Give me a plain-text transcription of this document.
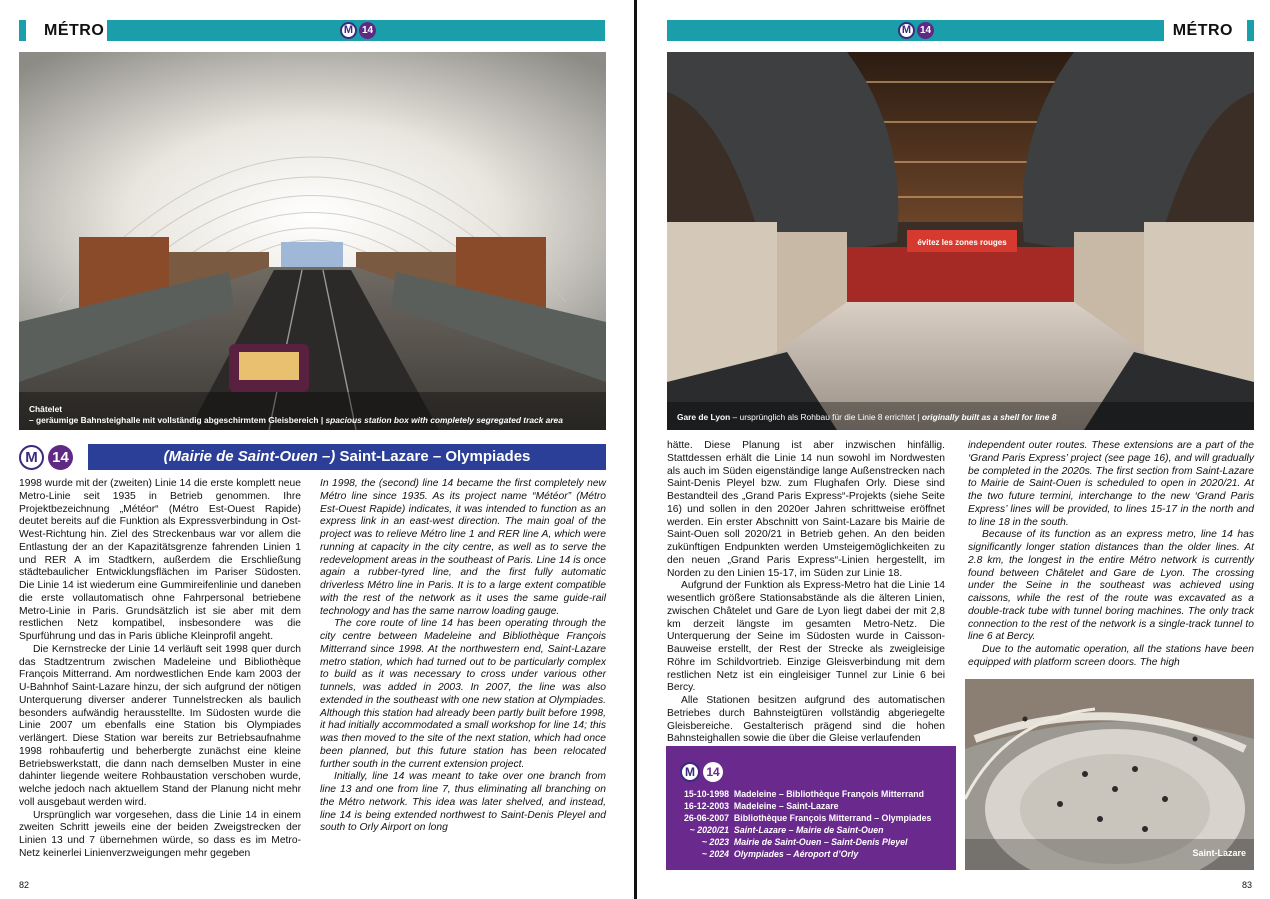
MÉTRO	M 14
Châtelet
– geräumige Bahnsteighalle mit vollständig abgeschirmtem Gleisbereich | spacious station box with completely segregated track area
M 14	(Mairie de Saint-Ouen –) Saint-Lazare – Olympiades

1998 wurde mit der (zweiten) Linie 14 die erste komplett neue Metro-Linie seit 1935 in Betrieb genommen. Ihre Projektbezeichnung „Météor“ (Métro Est-Ouest Rapide) deutet bereits auf die Funktion als Expressverbindung in Ost-West-Richtung hin. Ziel des Streckenbaus war vor allem die Entlastung der an der Kapazitätsgrenze fahrenden Linien 1 und RER A im Stadtkern, außerdem die Erschließung städtebaulicher Entwicklungsflächen im Pariser Südosten. Die Linie 14 ist wiederum eine Gummireifenlinie und daneben die erste vollautomatisch ohne Fahrpersonal betriebene Metro-Linie in Paris. Grundsätzlich ist sie aber mit dem restlichen Netz kompatibel, insbesondere was die Spurführung und das in Paris übliche Kleinprofil angeht.

Die Kernstrecke der Linie 14 verläuft seit 1998 quer durch das Stadtzentrum zwischen Madeleine und Bibliothèque François Mitterrand. Am nordwestlichen Ende kam 2003 der U-Bahnhof Saint-Lazare hinzu, der sich aufgrund der nötigen Unterquerung diverser anderer Tunnelstrecken als baulich besonders aufwändig herausstellte. Im Südosten wurde die Linie 2007 um ebenfalls eine Station bis Olympiades verlängert. Diese Station war bereits zur Betriebsaufnahme 1998 rohbaufertig und beherbergte zunächst eine kleine Betriebswerkstatt, die dann nach demselben Muster in eine dahinter liegende weitere Rohbaustation verschoben wurde, welche jedoch nach aktuellem Stand der Planung nicht mehr voll ausgebaut werden wird.

Ursprünglich war vorgesehen, dass die Linie 14 in einem zweiten Schritt jeweils eine der beiden Zweigstrecken der Linien 13 und 7 übernehmen würde, so dass es im Metro-Netz keinerlei Linienverzweigungen mehr gegeben

In 1998, the (second) line 14 became the first completely new Métro line since 1935. As its project name “Météor” (Métro Est-Ouest Rapide) indicates, it was intended to function as an express link in an east-west direction. The main goal of the project was to relieve Métro line 1 and RER line A, which were running at capacity in the city centre, as well as to serve the redevelopment areas in the southeast of Paris. Line 14 is once again a rubber-tyred line, and the first fully automatic driverless Métro line in Paris. It is to a large extent compatible with the rest of the network as it uses the same guide-rail technology and has the same narrow loading gauge.

The core route of line 14 has been operating through the city centre between Madeleine and Bibliothèque François Mitterrand since 1998. At the northwestern end, Saint-Lazare metro station, which had turned out to be particularly complex to build as it was necessary to cross under various other tunnels, was added in 2003. In 2007, the line was also extended in the southeast with one new station at Olympiades. Although this station had already been partly built before 1998, it had initially accommodated a small workshop for line 14; this was then moved to the site of the next station, which had once been planned, but this future station has been relocated further south in the current extension project.

Initially, line 14 was meant to take over one branch from line 13 and one from line 7, thus eliminating all branching on the Métro network. This idea was later shelved, and instead, line 14 is being extended northwest to Saint-Denis Pleyel and south to Orly Airport on long

82
M 14	MÉTRO
évitez les zones rouges
Gare de Lyon – ursprünglich als Rohbau für die Linie 8 errichtet | originally built as a shell for line 8

hätte. Diese Planung ist aber inzwischen hinfällig. Stattdessen erhält die Linie 14 nun sowohl im Nordwesten als auch im Süden eigenständige lange Außenstrecken nach Saint-Denis Pleyel bzw. zum Flughafen Orly. Diese sind Bestandteil des „Grand Paris Express“-Projekts (siehe Seite 16) und sollen in den 2020er Jahren schrittweise eröffnet werden. Ein erster Abschnitt von Saint-Lazare bis Mairie de Saint-Ouen soll 2020/21 in Betrieb gehen. An den beiden zukünftigen Endpunkten werden Umsteigemöglichkeiten zu den neuen „Grand Paris Express“-Linien hergestellt, im Norden zu den Linien 15-17, im Süden zur Linie 18.

Aufgrund der Funktion als Express-Metro hat die Linie 14 wesentlich größere Stationsabstände als die älteren Linien, zwischen Châtelet und Gare de Lyon liegt dabei der mit 2,8 km derzeit längste im gesamten Metro-Netz. Die Unterquerung der Seine im Südosten wurde in Caisson-Bauweise erstellt, der Rest der Strecke als zweigleisige Röhre im Schildvortrieb. Einzige Gleisverbindung mit dem restlichen Netz ist ein eingleisiger Tunnel zur Linie 6 bei Bercy.

Alle Stationen besitzen aufgrund des automatischen Betriebes durch Bahnsteigtüren vollständig abgeriegelte Gleisbereiche. Gestalterisch prägend sind die hohen Bahnsteighallen sowie die über die Gleise verlaufenden

independent outer routes. These extensions are a part of the ‘Grand Paris Express’ project (see page 16), and will gradually be completed in the 2020s. The first section from Saint-Lazare to Mairie de Saint-Ouen is scheduled to open in 2020/21. At the two future termini, interchange to the new ‘Grand Paris Express’ lines will be provided, to lines 15-17 in the north and to line 18 in the south.

Because of its function as an express metro, line 14 has significantly longer station distances than the older lines. At 2.8 km, the longest in the entire Métro network is currently found between Châtelet and Gare de Lyon. The crossing under the Seine in the southeast was achieved using caissons, while the rest of the route was excavated as a double-track tube with tunnel boring machines. The only track connection to the rest of the network is a single-track tunnel to line 6 at Bercy.

Due to the automatic operation, all the stations have been equipped with platform screen doors. The high

Saint-Lazare
83
M 14
15-10-1998 Madeleine – Bibliothèque François Mitterrand
16-12-2003 Madeleine – Saint-Lazare
26-06-2007 Bibliothèque François Mitterrand – Olympiades
~ 2020/21 Saint-Lazare – Mairie de Saint-Ouen
~ 2023 Mairie de Saint-Ouen – Saint-Denis Pleyel
~ 2024 Olympiades – Aéroport d’Orly
